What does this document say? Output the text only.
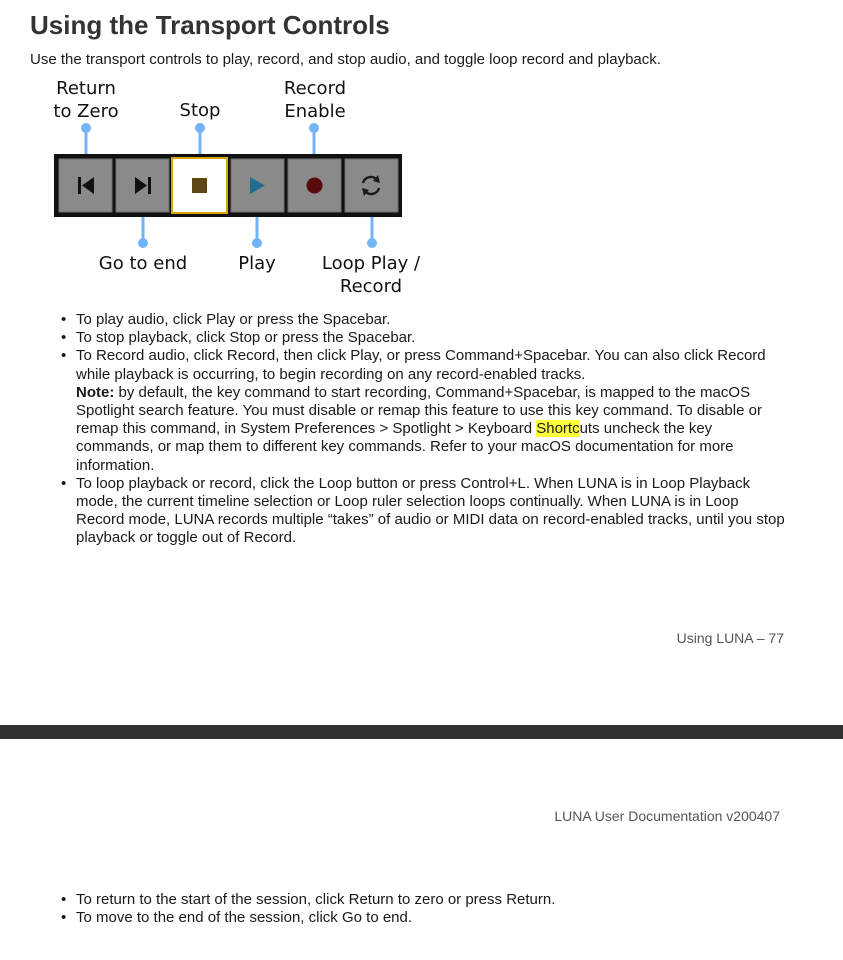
Using the Transport Controls

Use the transport controls to play, record, and stop audio, and toggle loop record and playback.

Return
to Zero	Stop
Record
Enable
Go to end	Play	Loop Play /
Record
• To play audio, click Play or press the Spacebar.
• To stop playback, click Stop or press the Spacebar.
• To Record audio, click Record, then click Play, or press Command+Spacebar. You can also click Record while playback is occurring, to begin recording on any record-enabled tracks.
Note: by default, the key command to start recording, Command+Spacebar, is mapped to the macOS Spotlight search feature. You must disable or remap this feature to use this key command. To disable or remap this command, in System Preferences > Spotlight > Keyboard Shortcuts uncheck the key commands, or map them to different key commands. Refer to your macOS documentation for more information.
• To loop playback or record, click the Loop button or press Control+L. When LUNA is in Loop Playback mode, the current timeline selection or Loop ruler selection loops continually. When LUNA is in Loop Record mode, LUNA records multiple “takes” of audio or MIDI data on record-enabled tracks, until you stop playback or toggle out of Record.
Using LUNA – 77
LUNA User Documentation v200407
• To return to the start of the session, click Return to zero or press Return.
• To move to the end of the session, click Go to end.
